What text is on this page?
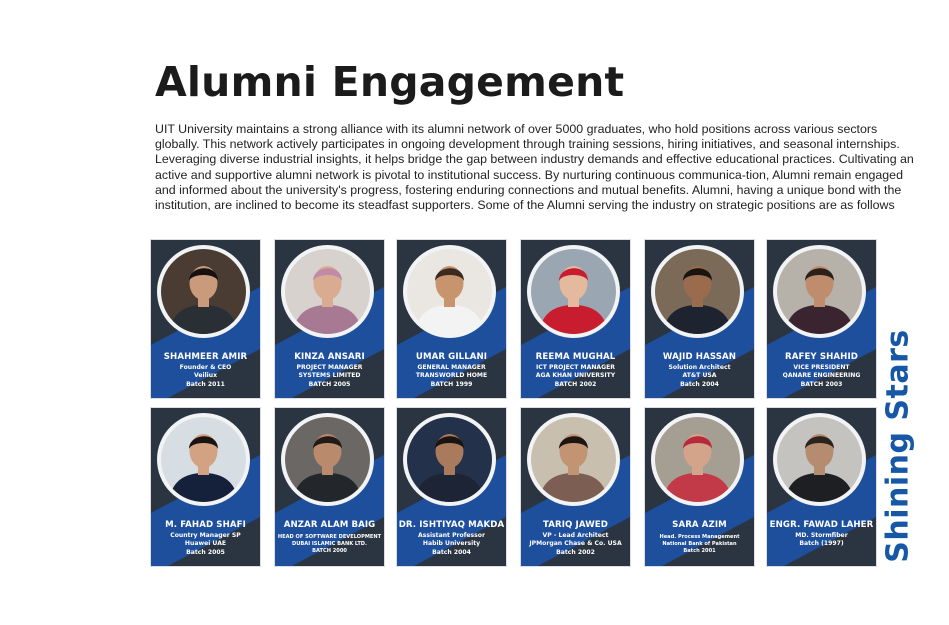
Alumni Engagement

UIT University maintains a strong alliance with its alumni network of over 5000 graduates, who hold positions across various sectors globally. This network actively participates in ongoing development through training sessions, hiring initiatives, and seasonal internships. Leveraging diverse industrial insights, it helps bridge the gap between industry demands and effective educational practices. Cultivating an active and supportive alumni network is pivotal to institutional success. By nurturing continuous communica-tion, Alumni remain engaged and informed about the university's progress, fostering enduring connections and mutual benefits. Alumni, having a unique bond with the institution, are inclined to become its steadfast supporters. Some of the Alumni serving the industry on strategic positions are as follows

SHAHMEER AMIR
Founder & CEO
Veiliux
Batch 2011
KINZA ANSARI
PROJECT MANAGER
SYSTEMS LIMITED
BATCH 2005
UMAR GILLANI
GENERAL MANAGER
TRANSWORLD HOME
BATCH 1999
REEMA MUGHAL
ICT PROJECT MANAGER
AGA KHAN UNIVERSITY
BATCH 2002
WAJID HASSAN
Solution Architect
AT&T USA
Batch 2004
RAFEY SHAHID
VICE PRESIDENT
QANARE ENGINEERING
BATCH 2003
M. FAHAD SHAFI
Country Manager SP
Huawei UAE
Batch 2005
ANZAR ALAM BAIG
HEAD OF SOFTWARE DEVELOPMENT
DUBAI ISLAMIC BANK LTD.
BATCH 2000
DR. ISHTIYAQ MAKDA
Assistant Professor
Habib University
Batch 2004
TARIQ JAWED
VP - Lead Architect
JPMorgan Chase & Co. USA
Batch 2002
SARA AZIM
Head. Process Management
National Bank of Pakistan
Batch 2001
ENGR. FAWAD LAHER
MD. Stormfiber
Batch (1997)	Shining Stars
